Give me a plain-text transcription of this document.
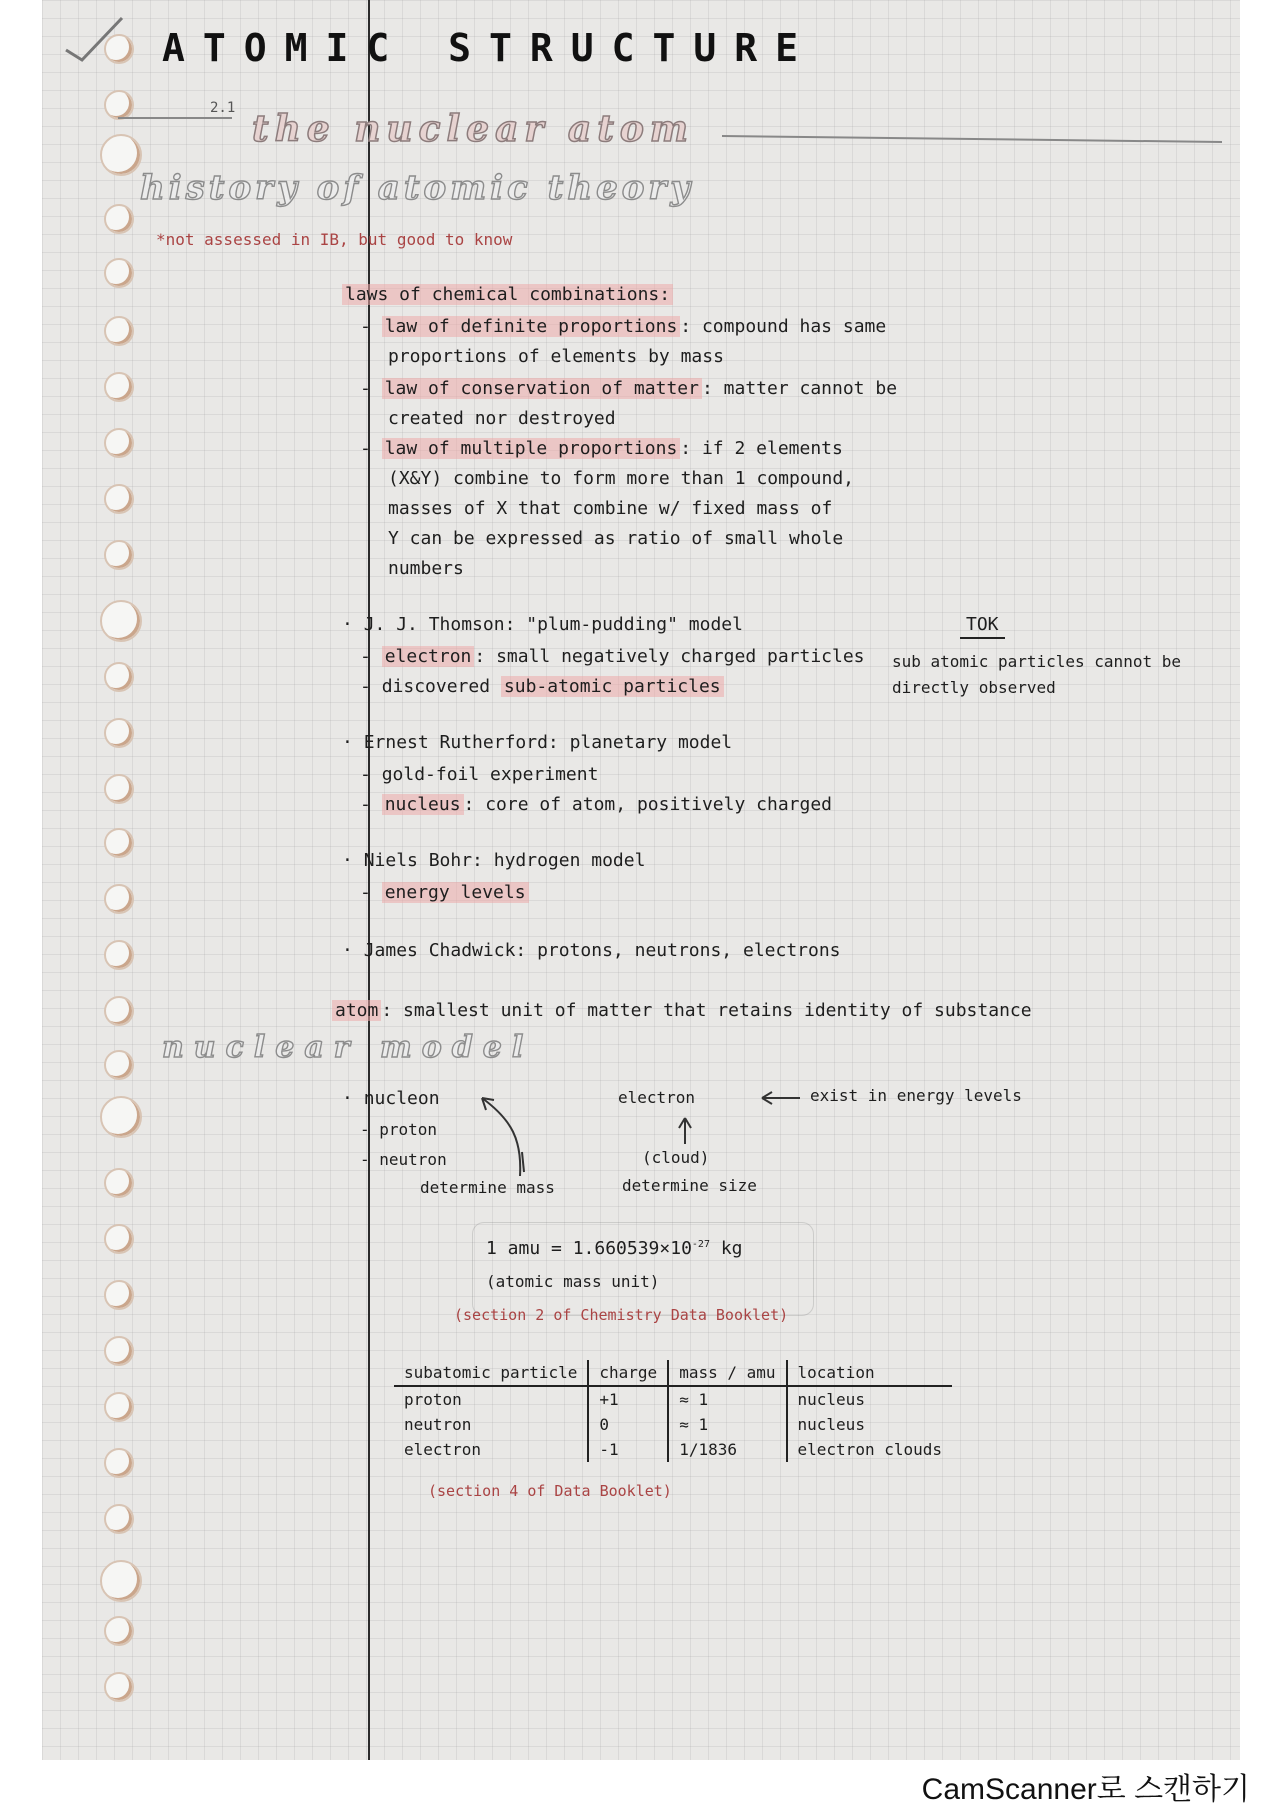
ATOMIC STRUCTURE
2.1 the nuclear atom
history of atomic theory
*not assessed in IB, but good to know
laws of chemical combinations:
- law of definite proportions : compound has same
proportions of elements by mass
- law of conservation of matter : matter cannot be
created nor destroyed
- law of multiple proportions : if 2 elements
(X&Y) combine to form more than 1 compound,
masses of X that combine w/ fixed mass of
Y can be expressed as ratio of small whole
numbers
· J. J. Thomson: "plum-pudding" model
- electron : small negatively charged particles
- discovered sub-atomic particles
TOK
sub atomic particles cannot be
directly observed
· Ernest Rutherford: planetary model
- gold-foil experiment
- nucleus : core of atom, positively charged
· Niels Bohr: hydrogen model
- energy levels
· James Chadwick: protons, neutrons, electrons
atom : smallest unit of matter that retains identity of substance
nuclear model
· nucleon
- proton
- neutron
determine mass
electron	exist in energy levels
(cloud)
determine size
1 amu = $1.660539\times 10^{-27}$ kg
(atomic mass unit)
(section 2 of Chemistry Data Booklet)
subatomic particle	charge	mass / amu	location
proton	+1	≈ 1	nucleus
neutron	0	≈ 1	nucleus
electron	-1	1/1836	electron clouds
(section 4 of Data Booklet)
CamScanner로 스캔하기
